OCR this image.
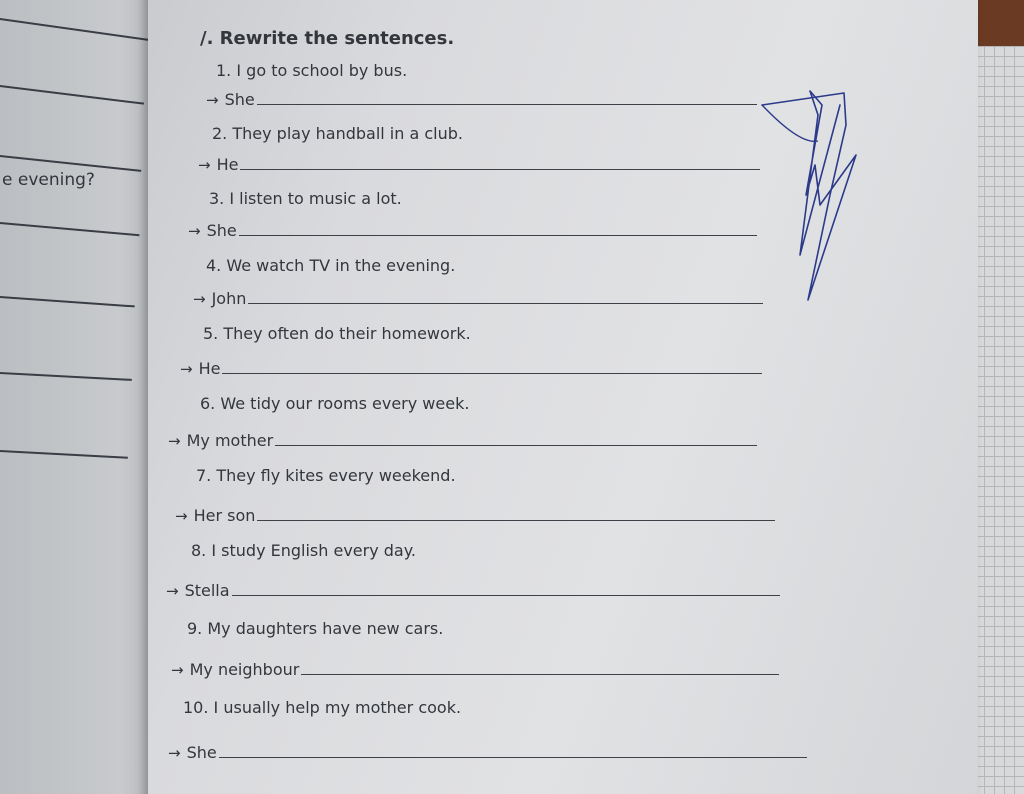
e evening?
/. Rewrite the sentences.
1. I go to school by bus.
→ She
2. They play handball in a club.
→ He
3. I listen to music a lot.
→ She
4. We watch TV in the evening.
→ John
5. They often do their homework.
→ He
6. We tidy our rooms every week.
→ My mother
7. They fly kites every weekend.
→ Her son
8. I study English every day.
→ Stella
9. My daughters have new cars.
→ My neighbour
10. I usually help my mother cook.
→ She
